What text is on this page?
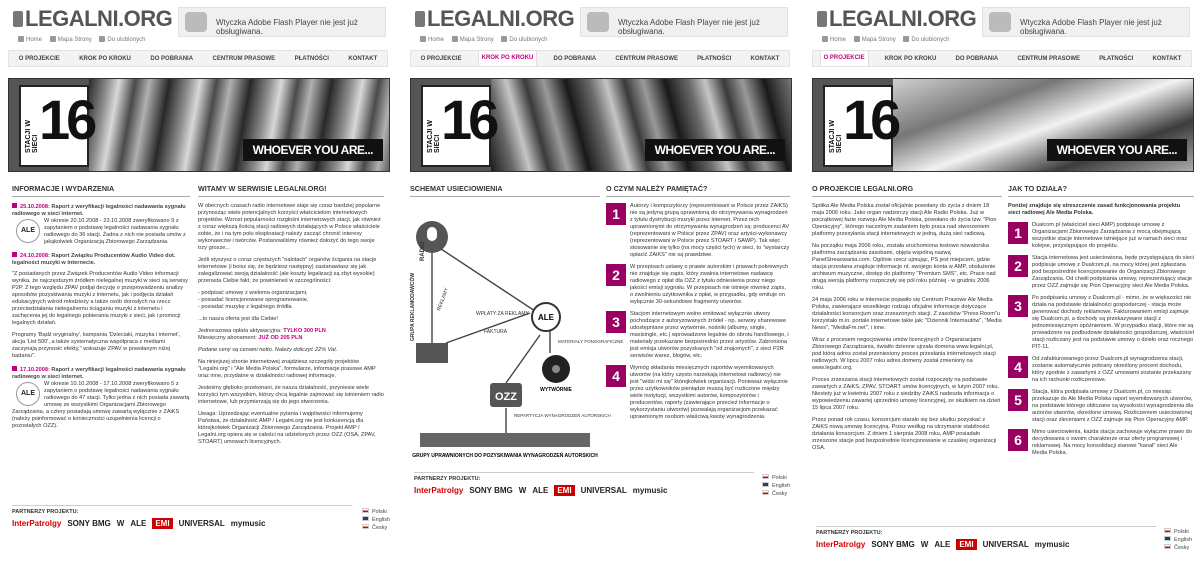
LEGALNI.ORG
Home	Mapa Strony	Do ulubionych
Wtyczka Adobe Flash Player nie jest już obsługiwana.
O PROJEKCIE	KROK PO KROKU	DO POBRANIA	CENTRUM PRASOWE	PŁATNOŚCI	KONTAKT
STACJI W SIECI 16	WHOEVER YOU ARE...
INFORMACJE I WYDARZENIA
25.10.2008: Raport z weryfikacji legalności nadawania sygnału radiowego w sieci internet.
ALE
W okresie 20.10.2008 - 23.10.2008 zweryfikowano 9 z zapytaniem o podstawę legalności nadawania sygnału radiowego do 36 stacji. Żadna z nich nie posiada umów z jakąkolwiek Organizacją Zbiorowego Zarządzania.
24.10.2008: Raport Związku Producentów Audio Video dot. legalności muzyki w internecie.

"Z posiadanych przez Związek Producentów Audio Video informacji wynika, że najczęstszym źródłem nielegalnej muzyki w sieci są serwisy P2P. Z tego względu ZPAV podjął decyzję o przeprowadzeniu analizy sposobów pozyskiwania muzyki z internetu, jak i podjęcia działań edukacyjnych wśród młodzieży a także osób dorosłych na rzecz przeciwdziałania nielegalnemu ściąganiu muzyki z internetu i zachęcenia jej do legalnego pobierania muzyki z sieci, jak i promocji legalnych działań.

Programy 'Bądź oryginalny', kampania 'Dzieciaki, muzyka i internet', akcja 'List 500', a także systematyczna współpraca z mediami zaczynają przynosić efekty," wskazuje ZPAV w powołanym niżej badaniu".

17.10.2008: Raport z weryfikacji legalności nadawania sygnału radiowego w sieci internet.
ALE
W okresie 10.10.2008 - 17.10.2008 zweryfikowano 5 z zapytaniem o podstawę legalności nadawania sygnału radiowego do 47 stacji. Tylko jedna z nich posiada zawartą umowę ze wszystkimi Organizacjami Zbiorowego Zarządzania, a cztery posiadają umowę zawartą wyłącznie z ZAiKS (należy poinformować o konieczności uzupełnienia licencji o pozostałych OZZ).
WITAMY W SERWISIE LEGALNI.ORG!

W obecnych czasach radio internetowe staje się coraz bardziej popularne przynosząc wiele potencjalnych korzyści właścicielom internetowych projektów. Wzrost popularności rozgłośni internetowych stacji, jak również z coraz większą ilością stacji radiowych działających w Polsce właściciele sobie, że i na tym polu eksploatacji należy zacząć chronić interesy wykonawców i twórców. Postanowiliśmy również dołożyć do tego swoje trzy grosze...

Jeśli styszysz o coraz częstszych "nalotach" organów ścigania na stacje internetowe (i boisz się, że będziesz następny) zastanawiasz się jak zalegalizować swoją działalność (ale koszty legalizacji są zbyt wysokie) przerasta Ciebie fakt, że powinieneś w szczególności:

- podpisać umowę z wieloma organizacjami,
- posiadać licencjonowane oprogramowanie,
- posiadać muzykę z legalnego źródła

...to nasza oferta jest dla Ciebie!

Jednorazowa opłata aktywacyjna: TYLKO 300 PLN
Miesięczny abonament: JUŻ OD 205 PLN

Podane ceny są cenami netto. Należy doliczyć 22% Vat.

Na niniejszej stronie internetowej znajdziesz szczegóły projektów "Legalni.org" i "Ale Media Polska", formularze, informacje prasowe AMP oraz inne, przydatne w działalności radiowej informacje.

Jesteśmy głęboko przekonani, że nasza działalność, przyniesie wiele korzyści tym wszystkim, którzy chcą legalnie zajmować się istnieniem radio internetowe, lub przymierzają się do jego stworzenia.

Uwaga: Uprzedzając eventualne pytania i wątpliwości informujemy Państwa, że działalność AMP / Legalni.org nie jest konkurencją dla którejkolwiek Organizacji Zbiorowego Zarządzania. Projekt AMP / Legalni.org opiera się w całości na udzielonych przez OZZ (OSA, ZPAV, STOART) umowach licencyjnych.

PARTNERZY PROJEKTU:
InterPatrolgy SONY BMG W ALE	EMI	UNIVERSAL mymusic
Polski
English
Česky
LEGALNI.ORG
Home	Mapa Strony	Do ulubionych
Wtyczka Adobe Flash Player nie jest już obsługiwana.
O PROJEKCIE	KROK PO KROKU	DO POBRANIA	CENTRUM PRASOWE	PŁATNOŚCI	KONTAKT
STACJI W SIECI 16	WHOEVER YOU ARE...
SCHEMAT USIECIOWIENIA
RADIO
GRUPA REKLAMODAWCÓW	REKLAMY
WPŁATY ZA REKLAMY
FAKTURA
ALE
MATERIAŁY FONOGRAFICZNE
WYTWÓRNIE
OZZ
REPARTYCJA WYNAGRODZEŃ AUTORSKICH
GRUPY UPRAWNIONYCH DO POZYSKIWANIA WYNAGRODZEŃ AUTORSKICH
O CZYM NALEŻY PAMIĘTAĆ?
1	Autorzy i kompozytorzy (reprezentowani w Polsce przez ZAiKS) nie są jedyną grupą uprawnioną do otrzymywania wynagrodzeń z tytułu dystrybucji muzyki przez internet. Przez nich uprawnionymi do otrzymywania wynagrodzeń są: producenci AV (reprezentowani w Polsce przez ZPAV) oraz artyści-wykonawcy (reprezentowani w Polsce przez STOART i SAWP). Tak więc stosowanie się tylko (na mocy części tych) w sieci, to "wystarczy opłacić ZAiKS" nie są prawdziwe.
2	W przepisach ustawy o prawie autorskim i prawach pokrewnych nie znajduje się zapis, który zwalnia internetowe nadawcę radiowego z opłat dla OZZ z tytułu odniesienia przez niego jakości emisji sygnału. W przepisach nie istnieje również zapis, o zwolnieniu użytkownika z opłat, w przypadku, gdy emituje on wyłącznie 30-sekundowe fragmenty utworów.
3	Stacjom internetowym wolno emitować wyłącznie utwory pochodzące z autoryzowanych źródeł - np. serwisy sharewowe udostępniane przez wytwórnie, nośniki (albumy, single, maxisingle, etc.) wprowadzone legalnie do obrotu handlowego, i materiały przekazane bezpośrednio przez artystów. Zabroniona jest emisja utworów pozyskanych "od znajomych", z sieci P2R serwisów warez, blogów, etc.
4	Wymóg składania miesięcznych raportów wyemitowanych utworów (na który często narzekają internetowi radiowcy) nie jest "widzi mi się" którejkolwiek organizacji. Ponieważ wyłącznie przez użytkowników pieniądze muszą być rozliczone między wiele instytucji, wszystkimi autorów, kompozytorów i producentów, raporty (zawierające przecież informacje o wykorzystaniu utworów) pozwalają organizacjom przekazać uprawnionym osobom właściwą kwotę wynagrodzenia.
PARTNERZY PROJEKTU:
InterPatrolgy SONY BMG W ALE	EMI	UNIVERSAL mymusic
Polski
English
Česky
LEGALNI.ORG
Home	Mapa Strony	Do ulubionych
Wtyczka Adobe Flash Player nie jest już obsługiwana.
O PROJEKCIE	KROK PO KROKU	DO POBRANIA	CENTRUM PRASOWE	PŁATNOŚCI	KONTAKT
STACJI W SIECI 16	WHOEVER YOU ARE...
O PROJEKCIE LEGALNI.ORG

Spółka Ale Media Polska został oficjalnie powołany do życia z dniem 18 maja 2006 roku. Jako organ nadzorczy stacji Ale Radio Polska. Już w początkowej fazie rozwoju Ale Media Polska, powołano do życia tzw. "Pion Operacyjny", którego naczelnym zadaniem było praca nad stworzeniem platformy przesyłania stacji internetowych w jedną, dużą sieć radiową.

Na początku maja 2006 roku, została uruchomiona testowo nowatorska platforma zarządzania zasobami, objęta wspólną nazwą PanelStreaowania.com. Ogólnie rzecz ujmując, PS jest miejscem, gdzie stacja przesłana znajduje informacje nt. swojego konta w AMP, obsłużenie archiwum muzyczne, dostęp do platformy "Premium SMS", etc. Prace nad drugą wersją platformy rozpoczęły się pół roku później - w grudniu 2006 roku.

24 maja 2006 roku w internecie pojawiło się Centrum Prasowe Ale Media Polska, zawierające wszelkiego rodzaju oficjalne informacje dotyczące działalności konsorcjum oraz zrzeszonych stacji. Z zasobów "Press Room"u korzystało m.in. portale internetowe takie jak: "Dziennik Internautów", "Media News", "MediaFm.net", i inne.

Wraz z procesem negocjowania umów licencyjnych z Organizacjami Zbiorowego Zarządzania, światło dzienne ujrzała domena www.legalni.pl, pod którą adres został przeniesiony proces przesłania internetowych stacji radiowych. W lipcu 2007 roku adres domeny został zmieniony na www.legalni.org.

Proces zrzeszania stacji internetowych został rozpoczęty na podstawie zawartych z ZAiKS, ZPAV, STOART umów licencyjnych, w lutym 2007 roku. Niestety już w kwietniu 2007 roku z siedziby ZAiKS nadeszła informacja o wypowiedzeniu zawartej uprzednio umowy licencyjnej, ze skutkiem na dzień 15 lipca 2007 roku.

Przez ponad rok czasu, konsorcjum starało się bez skutku pozyskać z ZAiKS nową umowę licencyjną. Przez według na utrzymanie stabilności działania konsorcjum. Z dniem 1 sierpnia 2008 roku, AMP posiadało zrzeszone stacje pod bezpośrednie licencjonowanie w czaskiej organizacji OSA.

JAK TO DZIAŁA?

Poniżej znajduje się streszczenie zasad funkcjonowania projektu sieci radiowej Ale Media Polska.

1	Dualcom.pl (właściciel sieci AMP) podpisuje umowę z Organizacjami Zbiorowego Zarządzania z mocą obejmującą wszystkie stacje internetowe istniejące już w ramach sieci oraz kolejne, przystępujące do projektu.
2	Stacja internetowa jest usieciowiona, będę przystępującą do sieci podpisuje umowę z Dualcom.pl, na mocy której jest zgłaszana pod bezpośrednie licencjonowanie do Organizacji Zbiorowego Zarządzania. Od chwili podpisania umowy, reprezentujący stacje przez OZZ zajmuje się Pion Operacyjny sieci Ale Media Polska.
3	Po podpisaniu umowy z Dualcom.pl - mimo, że w większości nie działa na podstawie działalności gospodarczej - stacja może generować dochody reklamowe. Fakturowaniem emisji zajmuje się Dualcom.pl, a dochody są przekazywane stacji z jednomiesięcznym opóźnieniem. W przypadku stacji, które nie są prowadzone na podbudowie działalności gospodarczej, właściciel stacji rozliczany jest na podstawie umowy o dzieło oraz rocznego PIT-11.
4	Od zafakturowanego przez Dualcom.pl wynagrodzenia stacji, zostanie automatycznie pobrany określony procent dochodu, który zgodnie z zawartymi z OZZ umowami zostanie przekazany na ich rachunki rozliczeniowe.
5	Stacja, która podpisała umowę z Dualcom.pl, co miesiąc przekazuje do Ale Media Polska raport wyemitowanych utworów, na podstawie którego obliczane są wysokości wynagrodzenia dla autorów utworów, określone umową. Rozliczeniem usieciowionej stacji oraz zleceniami z OZZ zajmuje się Pion Operacyjny AMP.
6	Mimo usieciowienia, każda stacja zachowuje wyłączne prawo do decydowania o swoim charakterze oraz oferty programowej i reklamowej. Na mocy konsolidacji stanowi "kanał" sieci Ale Media Polska.
PARTNERZY PROJEKTU:
InterPatrolgy SONY BMG W ALE	EMI	UNIVERSAL mymusic
Polski
English
Česky
